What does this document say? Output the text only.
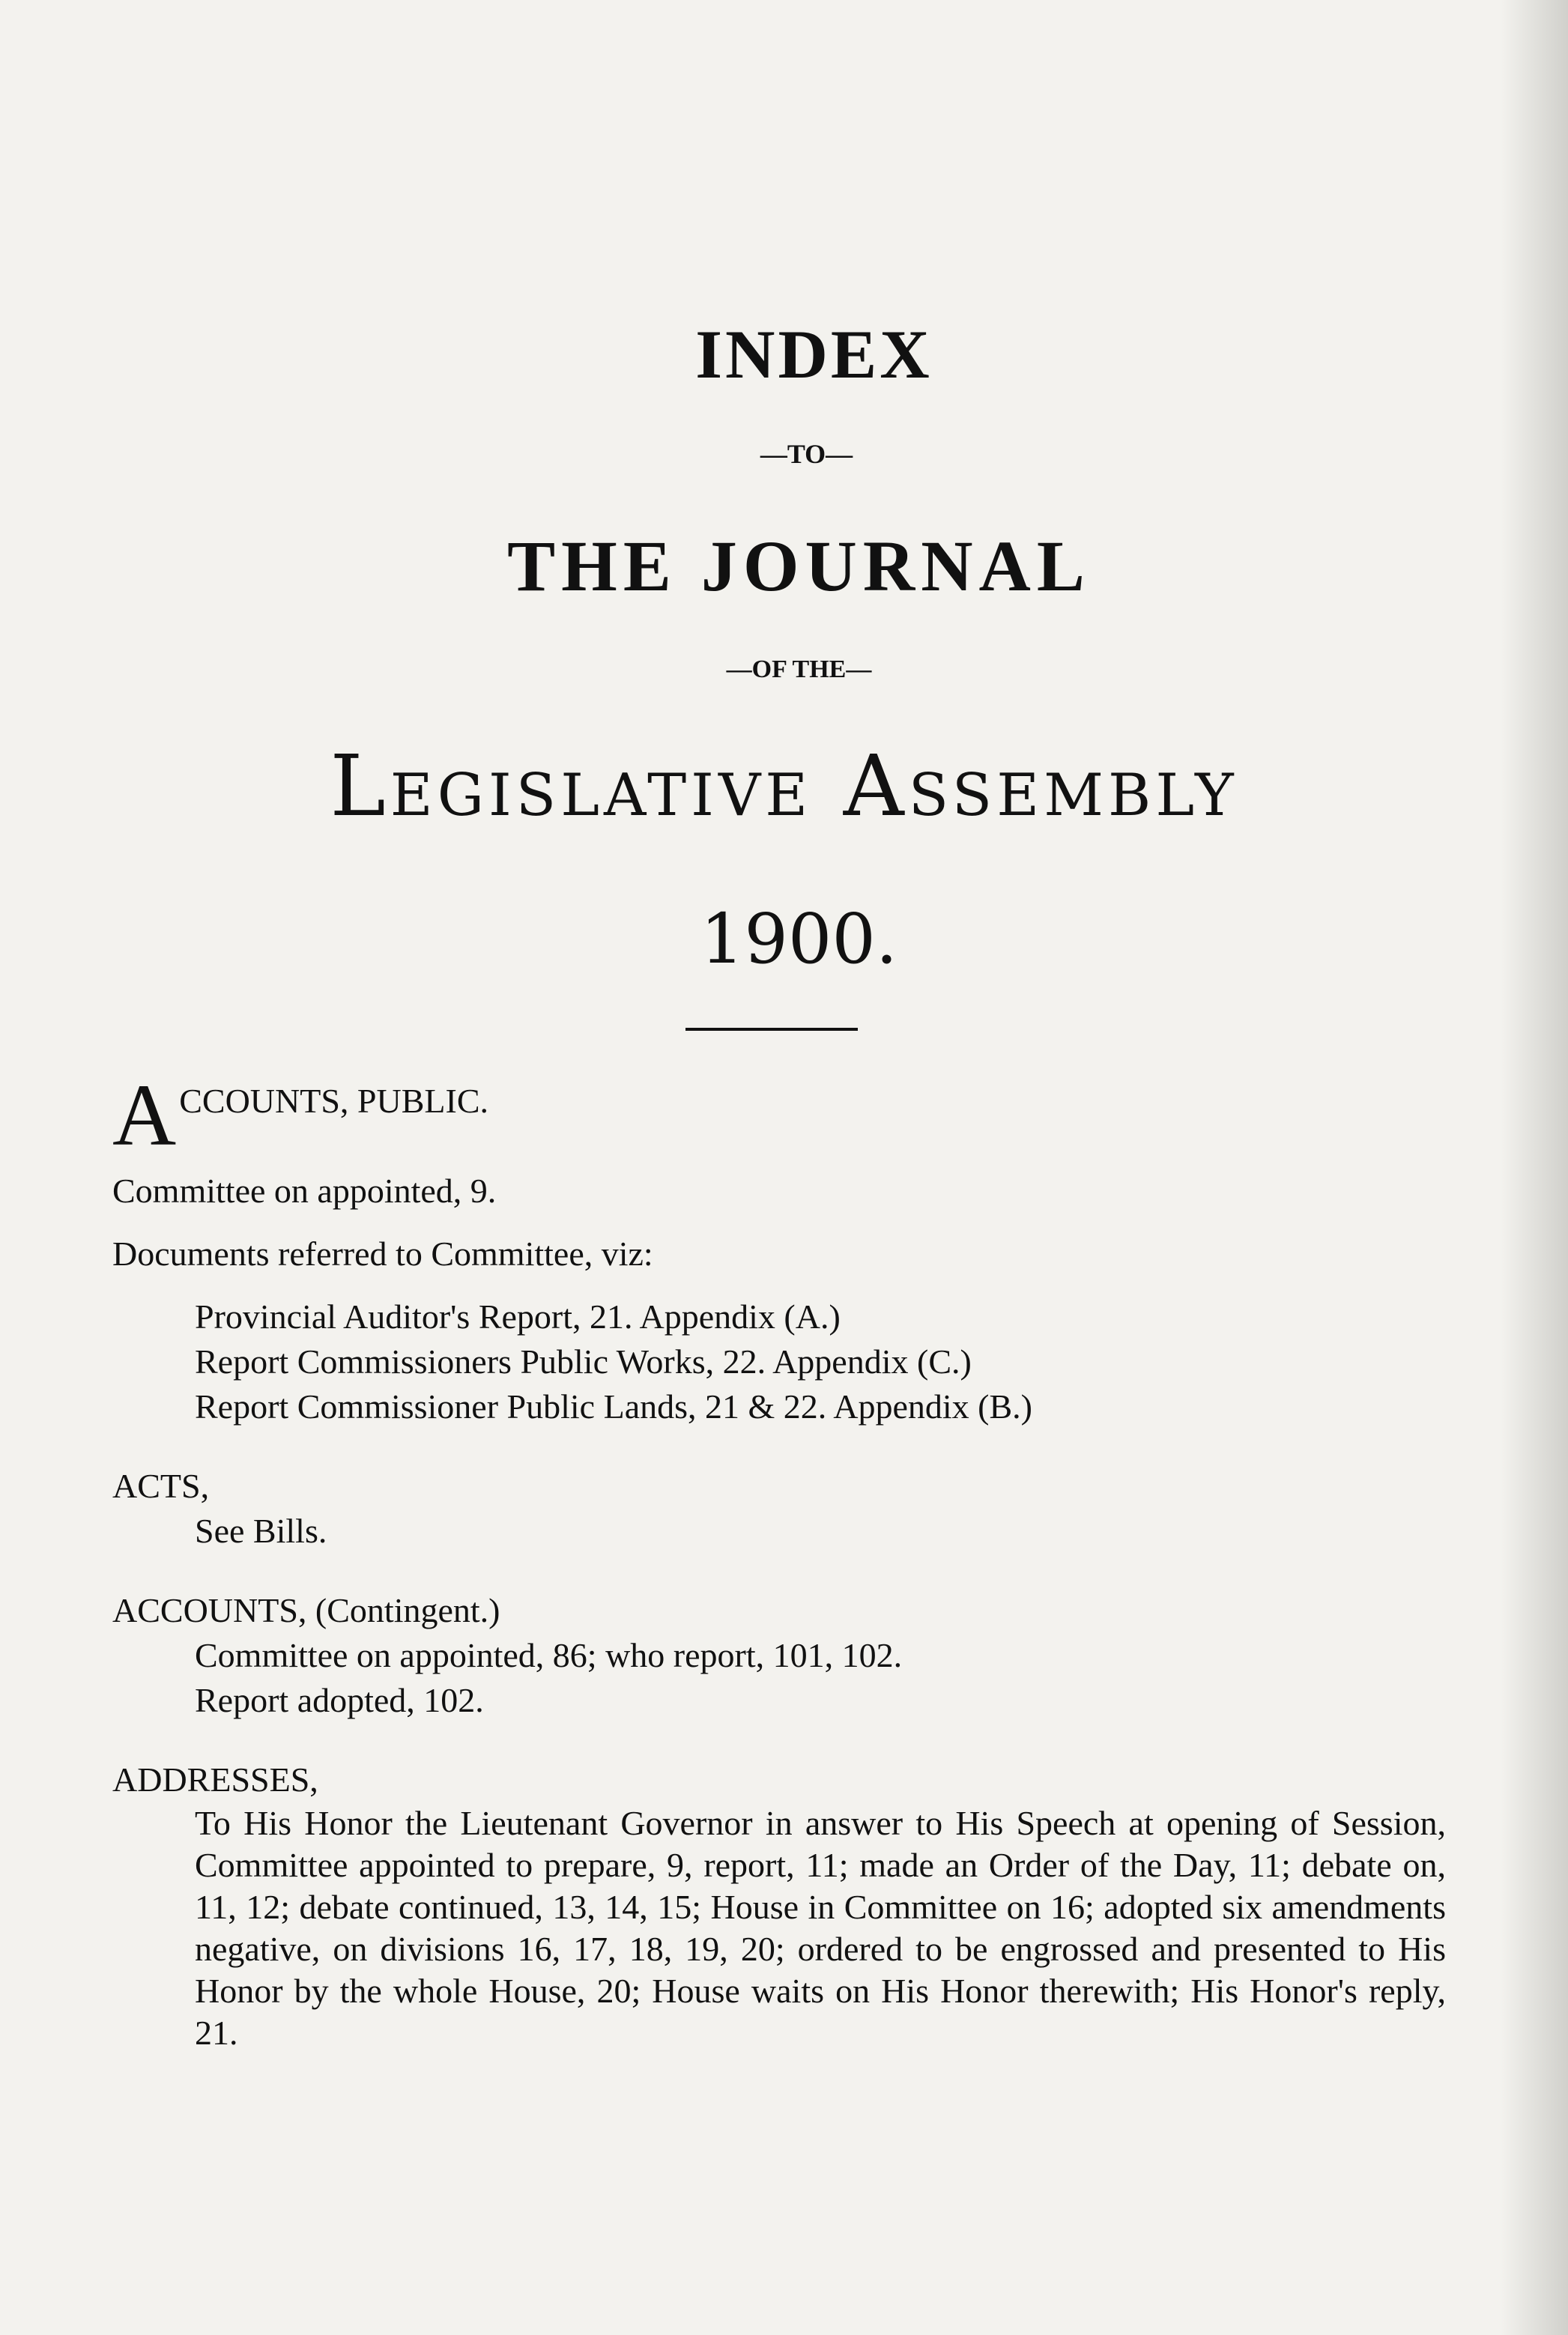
INDEX
—TO—
THE JOURNAL
—OF THE—
Legislative Assembly
1900.
A CCOUNTS, PUBLIC.
Committee on appointed, 9.
Documents referred to Committee, viz:
Provincial Auditor's Report, 21. Appendix (A.)
Report Commissioners Public Works, 22. Appendix (C.)
Report Commissioner Public Lands, 21 & 22. Appendix (B.)
ACTS,
See Bills.
ACCOUNTS, (Contingent.)
Committee on appointed, 86; who report, 101, 102.
Report adopted, 102.
ADDRESSES,
To His Honor the Lieutenant Governor in answer to His Speech at opening of Session, Committee appointed to prepare, 9, report, 11; made an Order of the Day, 11; debate on, 11, 12; debate continued, 13, 14, 15; House in Committee on 16; adopted six amendments negative, on divisions 16, 17, 18, 19, 20; ordered to be engrossed and presented to His Honor by the whole House, 20; House waits on His Honor therewith; His Honor's reply, 21.
